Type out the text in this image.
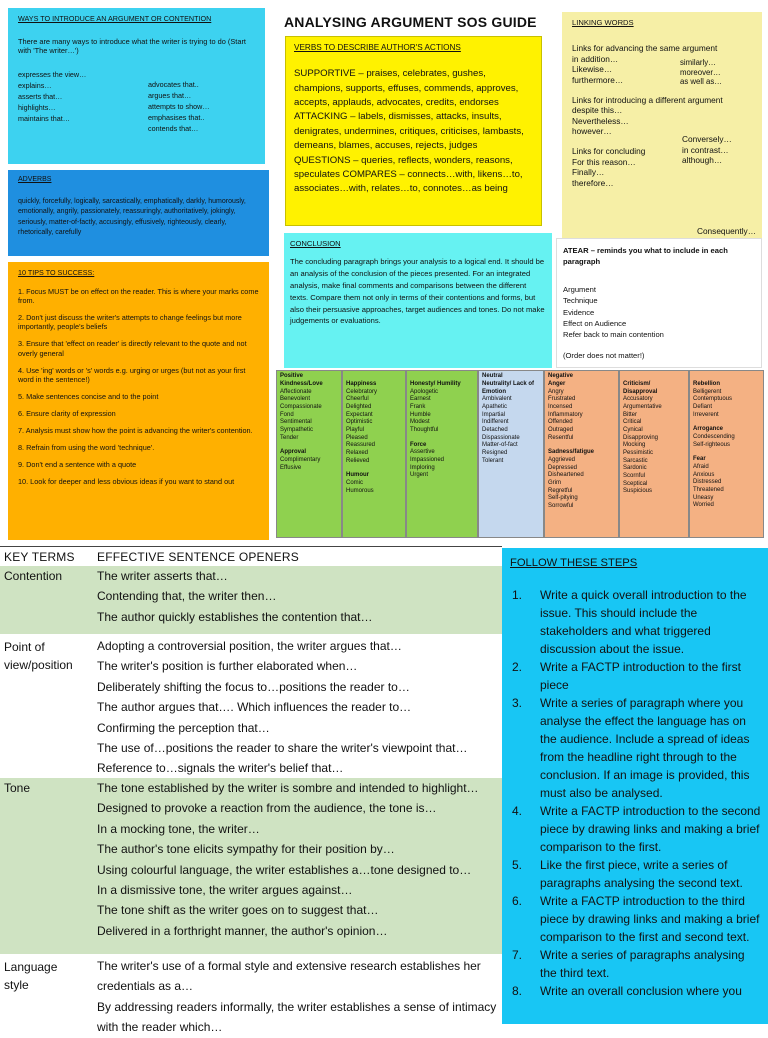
WAYS TO INTRODUCE AN ARGUMENT OR CONTENTION
There are many ways to introduce what the writer is trying to do (Start with 'The writer…')
expresses the view…
explains…
asserts that…
highlights…
maintains that…
advocates that..
argues that…
attempts to show…
emphasises that..
contends that…
ANALYSING ARGUMENT SOS GUIDE
VERBS TO DESCRIBE AUTHOR'S ACTIONS
SUPPORTIVE – praises, celebrates, gushes, champions, supports, effuses, commends, approves, accepts, applauds, advocates, credits, endorses ATTACKING – labels, dismisses, attacks, insults, denigrates, undermines, critiques, criticises, lambasts, demeans, blames, accuses, rejects, judges QUESTIONS – queries, reflects, wonders, reasons, speculates COMPARES – connects…with, likens…to, associates…with, relates…to, connotes…as being
LINKING WORDS
Links for advancing the same argument
in addition…
Likewise…
furthermore…
similarly…
moreover…
as well as…
Links for introducing a different argument
despite this…
Nevertheless…
however…
Links for concluding
For this reason…
Finally…
therefore…
Conversely…
in contrast…
although…
Consequently…
ADVERBS
quickly, forcefully, logically, sarcastically, emphatically, darkly, humorously, emotionally, angrily, passionately, reassuringly, authoritatively, jokingly, seriously, matter-of-factly, accusingly, effusively, righteously, clearly, rhetorically, carefully
10 TIPS TO SUCCESS:
1. Focus MUST be on effect on the reader. This is where your marks come from.
2. Don't just discuss the writer's attempts to change feelings but more importantly, people's beliefs
3. Ensure that 'effect on reader' is directly relevant to the quote and not overly general
4. Use 'ing' words or 's' words e.g. urging or urges (but not as your first word in the sentence!)
5. Make sentences concise and to the point
6. Ensure clarity of expression
7. Analysis must show how the point is advancing the writer's contention.
8. Refrain from using the word 'technique'.
9. Don't end a sentence with a quote
10. Look for deeper and less obvious ideas if you want to stand out
CONCLUSION
The concluding paragraph brings your analysis to a logical end. It should be an analysis of the conclusion of the pieces presented. For an integrated analysis, make final comments and comparisons between the different texts. Compare them not only in terms of their contentions and forms, but also their persuasive approaches, target audiences and tones. Do not make judgements or evaluations.
ATEAR – reminds you what to include in each paragraph
Argument
Technique
Evidence
Effect on Audience
Refer back to main contention
(Order does not matter!)
Positive
Kindness/Love
Affectionate
Benevolent
Compassionate
Fond
Sentimental
Sympathetic
Tender
Approval
Complimentary
Effusive
Happiness
Celebratory
Cheerful
Delighted
Expectant
Optimistic
Playful
Pleased
Reassured
Relaxed
Relieved
Humour
Comic
Humorous
Honesty/ Humility
Apologetic
Earnest
Frank
Humble
Modest
Thoughtful
Force
Assertive
Impassioned
Imploring
Urgent
Neutral
Neutrality/ Lack of Emotion
Ambivalent
Apathetic
Impartial
Indifferent
Detached
Dispassionate
Matter-of-fact
Resigned
Tolerant
Negative
Anger
Angry
Frustrated
Incensed
Inflammatory
Offended
Outraged
Resentful
Sadness/fatigue
Aggrieved
Depressed
Disheartened
Grim
Regretful
Self-pitying
Sorrowful
Criticism/ Disapproval
Accusatory
Argumentative
Bitter
Critical
Cynical
Disapproving
Mocking
Pessimistic
Sarcastic
Sardonic
Scornful
Sceptical
Suspicious
Rebellion
Belligerent
Contemptuous
Defiant
Irreverent
Arrogance
Condescending
Self-righteous
Fear
Afraid
Anxious
Distressed
Threatened
Uneasy
Worried
KEY TERMS EFFECTIVE SENTENCE OPENERS
Contention	The writer asserts that…
Contending that, the writer then…
The author quickly establishes the contention that…
Point of view/position
Adopting a controversial position, the writer argues that…
The writer's position is further elaborated when…
Deliberately shifting the focus to…positions the reader to…
The author argues that…. Which influences the reader to…
Confirming the perception that…
The use of…positions the reader to share the writer's viewpoint that…
Reference to…signals the writer's belief that…
Tone	The tone established by the writer is sombre and intended to highlight…
Designed to provoke a reaction from the audience, the tone is…
In a mocking tone, the writer…
The author's tone elicits sympathy for their position by…
Using colourful language, the writer establishes a…tone designed to…
In a dismissive tone, the writer argues against…
The tone shift as the writer goes on to suggest that…
Delivered in a forthright manner, the author's opinion…
Language style
The writer's use of a formal style and extensive research establishes her credentials as a…
By addressing readers informally, the writer establishes a sense of intimacy with the reader which…
FOLLOW THESE STEPS
1.	Write a quick overall introduction to the issue. This should include the stakeholders and what triggered discussion about the issue.
2.	Write a FACTP introduction to the first piece
3.	Write a series of paragraph where you analyse the effect the language has on the audience. Include a spread of ideas from the headline right through to the conclusion. If an image is provided, this must also be analysed.
4.	Write a FACTP introduction to the second piece by drawing links and making a brief comparison to the first.
5.	Like the first piece, write a series of paragraphs analysing the second text.
6.	Write a FACTP introduction to the third piece by drawing links and making a brief comparison to the first and second text.
7.	Write a series of paragraphs analysing the third text.
8.	Write an overall conclusion where you
